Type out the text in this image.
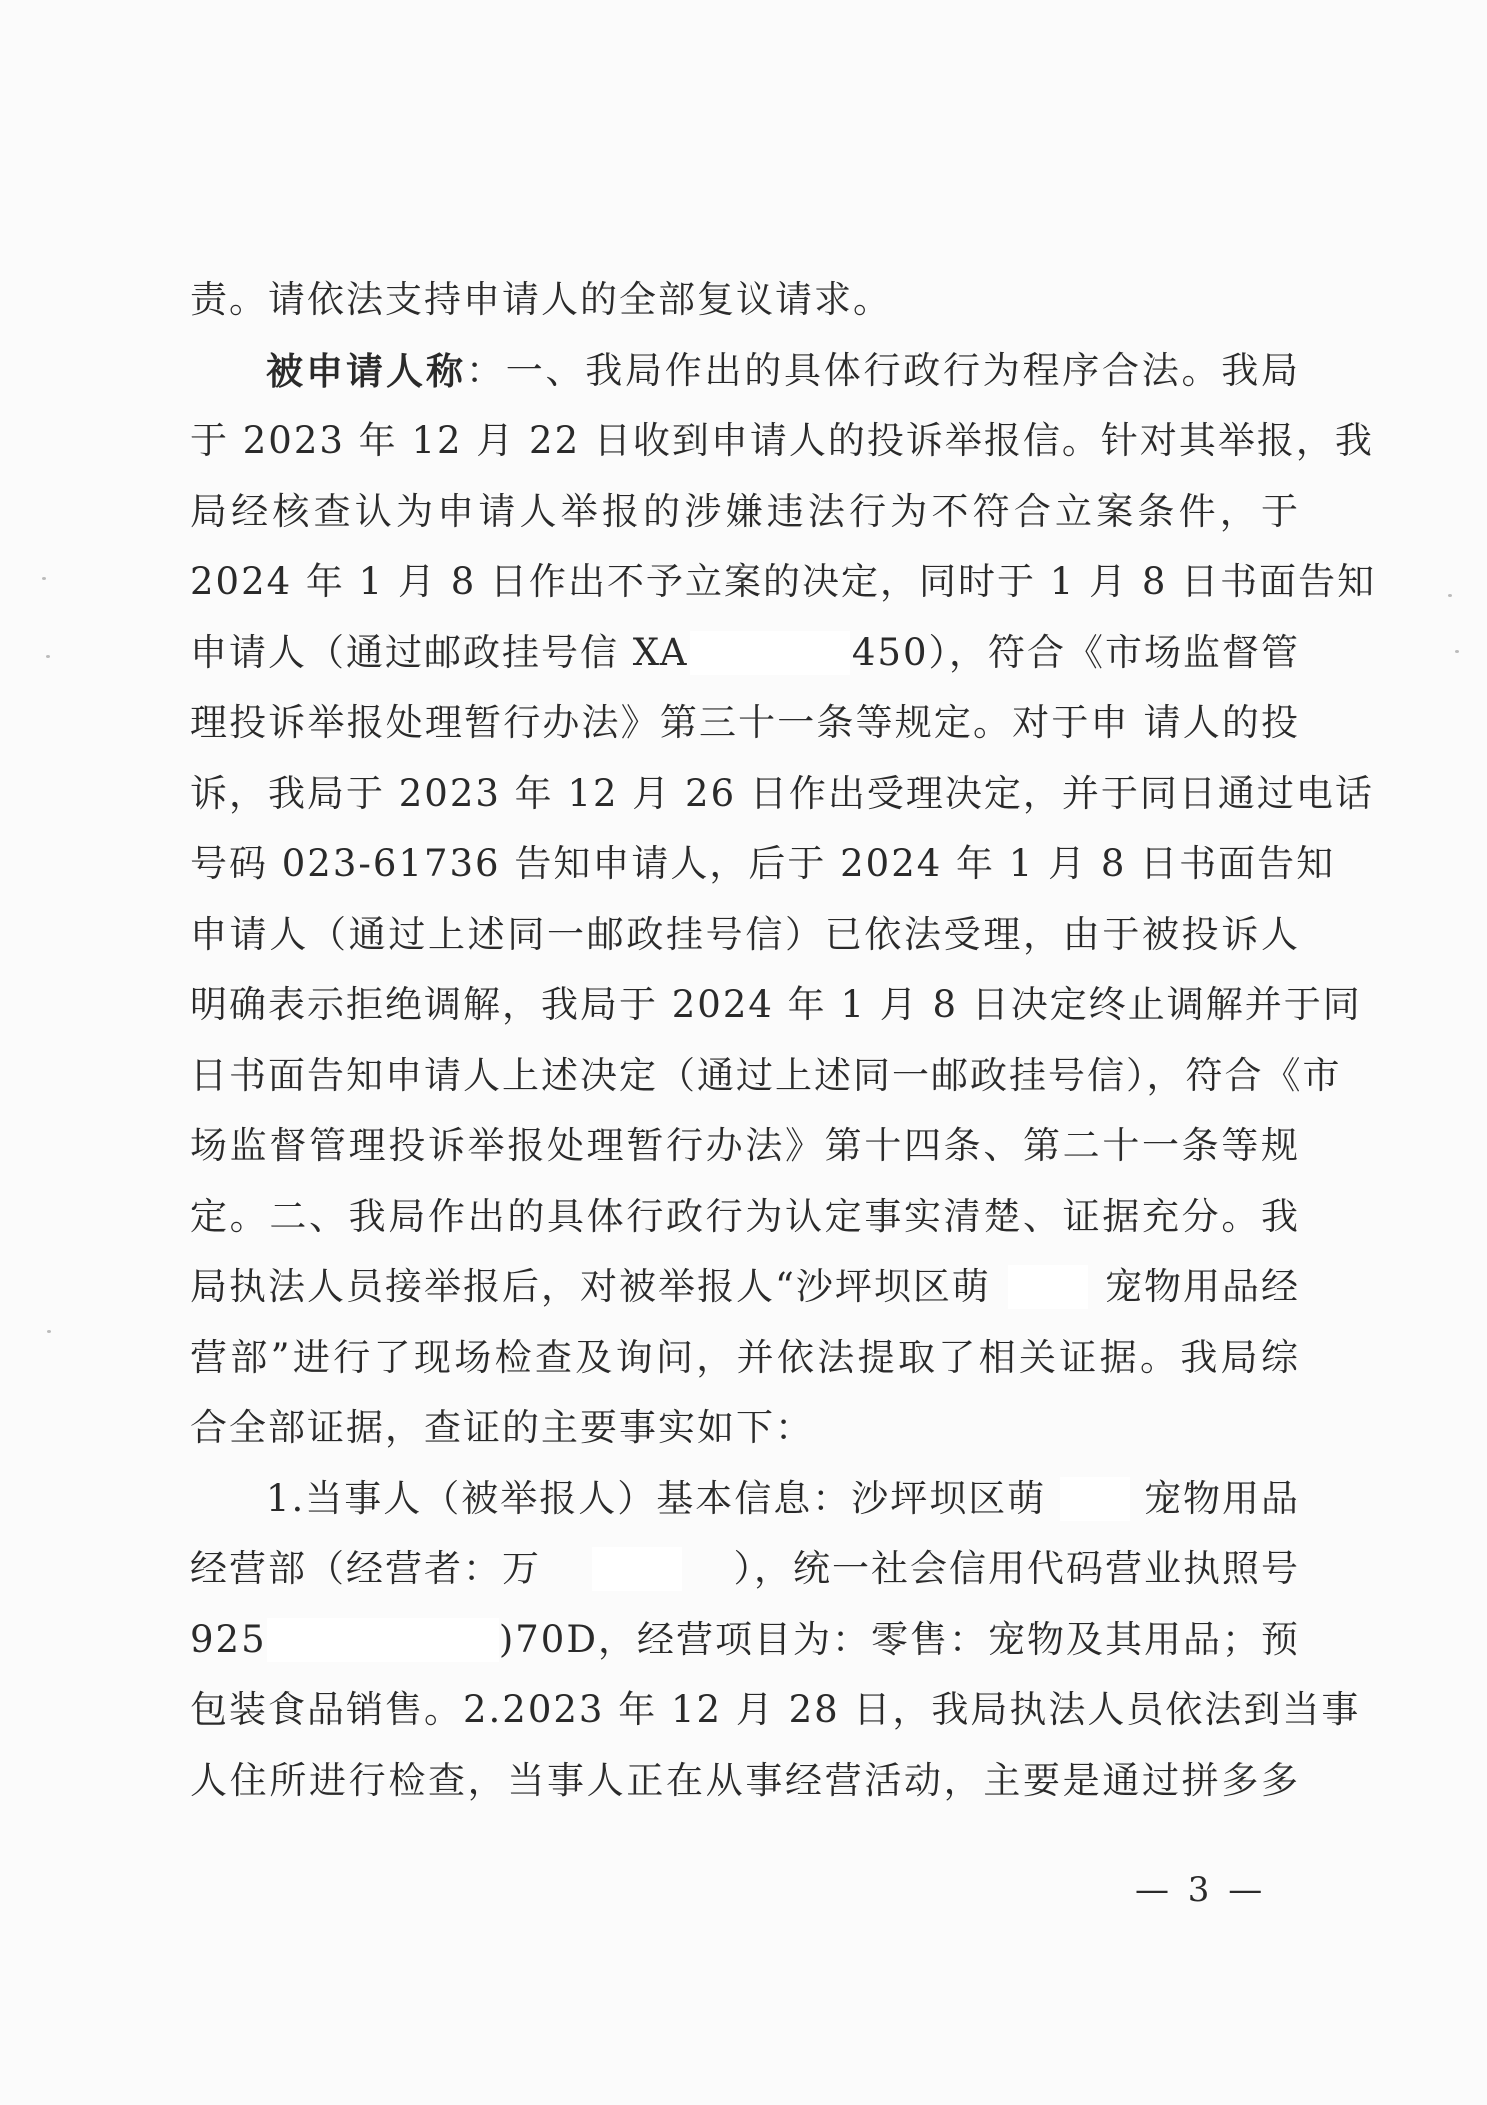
责。请依法支持申请人的全部复议请求。
被申请人称 ：一、我局作出的具体行政行为程序合法。我局
于 2023 年 12 月 22 日收到申请人的投诉举报信。针对其举报，我
局经核查认为申请人举报的涉嫌违法行为不符合立案条件，于
2024 年 1 月 8 日作出不予立案的决定，同时于 1 月 8 日书面告知
申请人（通过邮政挂号信 XA	450），符合《市场监督管
理投诉举报处理暂行办法》第三十一条等规定。对于申 请人的投
诉，我局于 2023 年 12 月 26 日作出受理决定，并于同日通过电话
号码 023-617 36 告知申请人，后于 2024 年 1 月 8 日书面告知
申请人（通过上述同一邮政挂号信）已依法受理，由于被投诉人
明确表示拒绝调解，我局于 2024 年 1 月 8 日决定终止调解并于同
日书面告知申请人上述决定（通过上述同一邮政挂号信），符合《市
场监督管理投诉举报处理暂行办法》第十四条、第二十一条等规
定。二、我局作出的具体行政行为认定事实清楚、证据充分。我
局执法人员接举报后，对被举报人“沙坪坝区萌	宠物用品经
营部”进行了现场检查及询问，并依法提取了相关证据。我局综
合全部证据，查证的主要事实如下：
1.当事人（被举报人）基本信息：沙坪坝区萌	宠物用品
经营部（经营者：万	），统一社会信用代码营业执照号
925	)70D，经营项目为：零售：宠物及其用品；预
包装食品销售。2.2023 年 12 月 28 日，我局执法人员依法到当事
人住所进行检查，当事人正在从事经营活动，主要是通过拼多多
— 3 —
